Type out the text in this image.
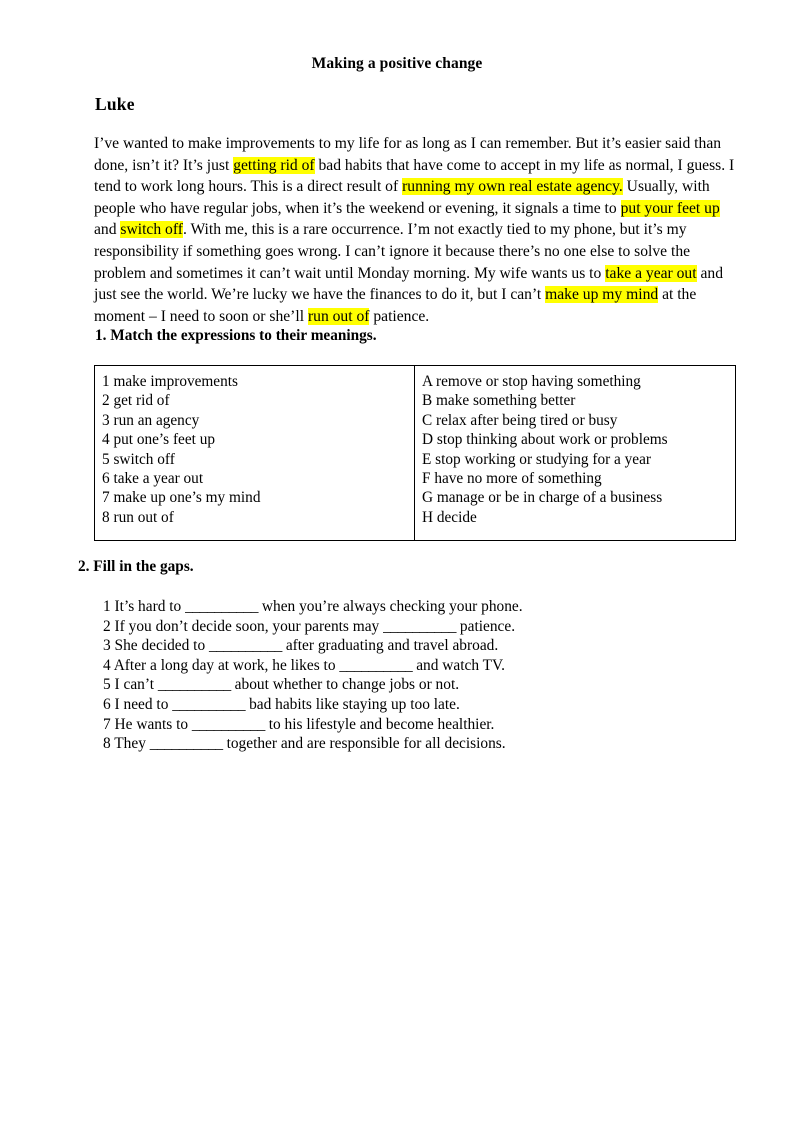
Making a positive change
Luke
I’ve wanted to make improvements to my life for as long as I can remember. But it’s easier said than done, isn’t it? It’s just getting rid of bad habits that have come to accept in my life as normal, I guess. I tend to work long hours. This is a direct result of running my own real estate agency. Usually, with people who have regular jobs, when it’s the weekend or evening, it signals a time to put your feet up and switch off. With me, this is a rare occurrence. I’m not exactly tied to my phone, but it’s my responsibility if something goes wrong. I can’t ignore it because there’s no one else to solve the problem and sometimes it can’t wait until Monday morning. My wife wants us to take a year out and just see the world. We’re lucky we have the finances to do it, but I can’t make up my mind at the moment – I need to soon or she’ll run out of patience.
1. Match the expressions to their meanings.
1 make improvements
2 get rid of
3 run an agency
4 put one’s feet up
5 switch off
6 take a year out
7 make up one’s my mind
8 run out of
A remove or stop having something
B make something better
C relax after being tired or busy
D stop thinking about work or problems
E stop working or studying for a year
F have no more of something
G manage or be in charge of a business
H decide
2. Fill in the gaps.
1 It’s hard to __________ when you’re always checking your phone.
2 If you don’t decide soon, your parents may __________ patience.
3 She decided to __________ after graduating and travel abroad.
4 After a long day at work, he likes to __________ and watch TV.
5 I can’t __________ about whether to change jobs or not.
6 I need to __________ bad habits like staying up too late.
7 He wants to __________ to his lifestyle and become healthier.
8 They __________ together and are responsible for all decisions.
